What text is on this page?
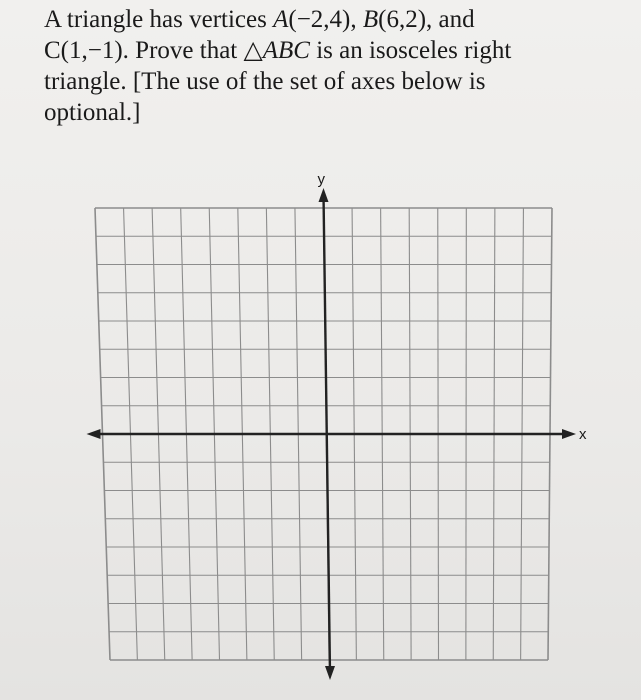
A triangle has vertices A(−2,4), B(6,2), and
C(1,−1). Prove that △ABC is an isosceles right
triangle. [The use of the set of axes below is
optional.]
x
y
